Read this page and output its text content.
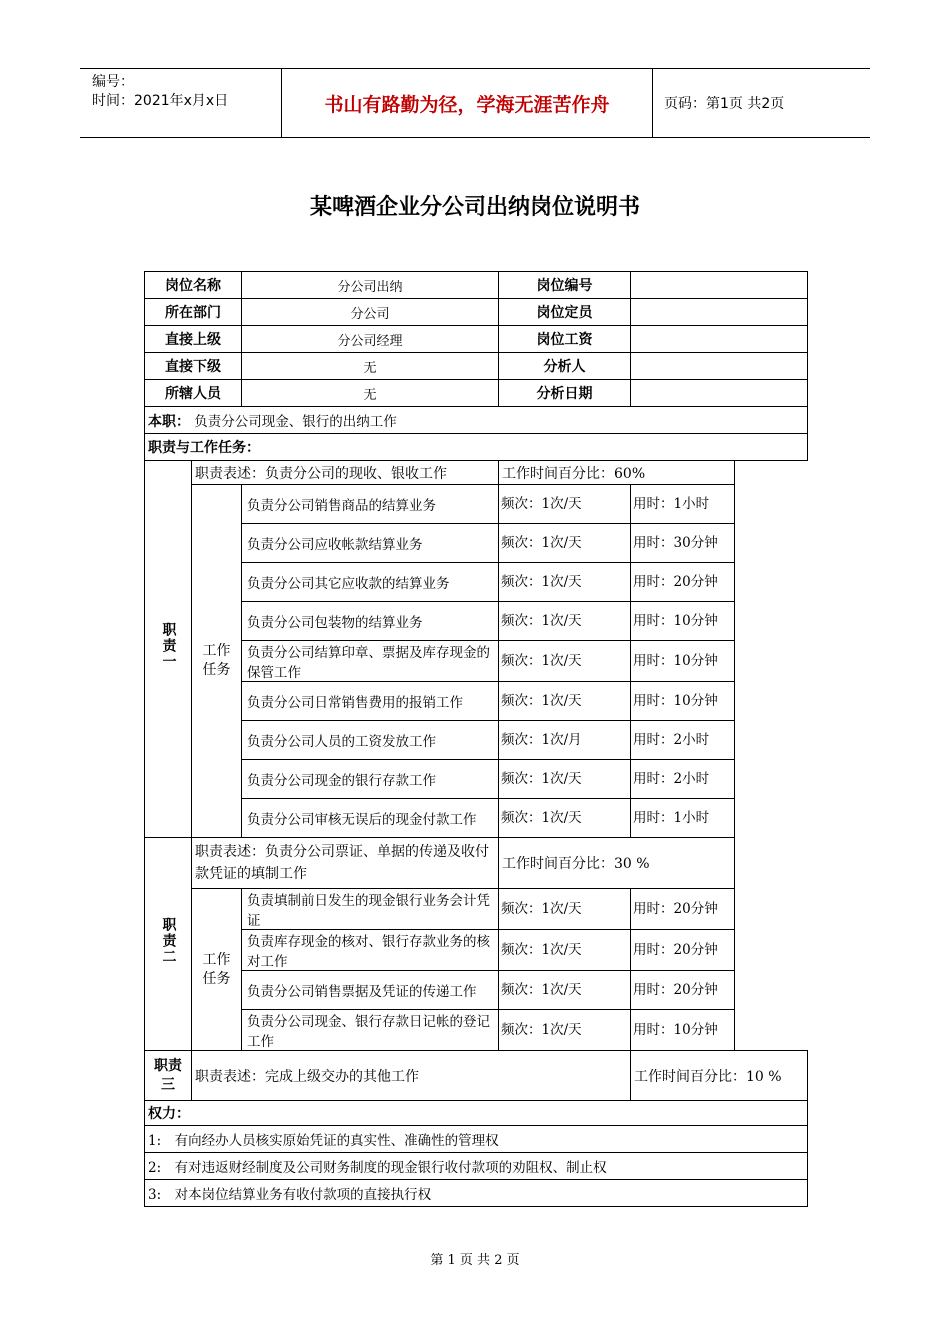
编号：
时间：2021年x月x日	书山有路勤为径，学海无涯苦作舟	页码：第1页 共2页
某啤酒企业分公司出纳岗位说明书
岗位名称		分公司出纳	岗位编号	
所在部门		分公司	岗位定员	
直接上级		分公司经理	岗位工资	
直接下级		无	分析人	
所辖人员		无	分析日期	
本职： 负责分公司现金、银行的出纳工作				
职责与工作任务：				
职责一	职责表述：负责分公司的现收、银收工作		工作时间百分比：60%	

	工作任务	负责分公司销售商品的结算业务	频次：1次/天	用时：1小时
		负责分公司应收帐款结算业务	频次：1次/天	用时：30分钟
		负责分公司其它应收款的结算业务	频次：1次/天	用时：20分钟
		负责分公司包装物的结算业务	频次：1次/天	用时：10分钟
		负责分公司结算印章、票据及库存现金的保管工作	频次：1次/天	用时：10分钟
		负责分公司日常销售费用的报销工作	频次：1次/天	用时：10分钟
		负责分公司人员的工资发放工作	频次：1次/月	用时：2小时
		负责分公司现金的银行存款工作	频次：1次/天	用时：2小时
		负责分公司审核无误后的现金付款工作	频次：1次/天	用时：1小时
职责二	职责表述：负责分公司票证、单据的传递及收付款凭证的填制工作		工作时间百分比：30 %	

	工作任务	负责填制前日发生的现金银行业务会计凭证	频次：1次/天	用时：20分钟
		负责库存现金的核对、银行存款业务的核对工作	频次：1次/天	用时：20分钟
		负责分公司销售票据及凭证的传递工作	频次：1次/天	用时：20分钟
		负责分公司现金、银行存款日记帐的登记工作	频次：1次/天	用时：10分钟

职责三	职责表述：完成上级交办的其他工作			工作时间百分比：10 %
权力：				
1:　有向经办人员核实原始凭证的真实性、准确性的管理权				
2:　有对违返财经制度及公司财务制度的现金银行收付款项的劝阻权、制止权				
3:　对本岗位结算业务有收付款项的直接执行权				
第 1 页 共 2 页
